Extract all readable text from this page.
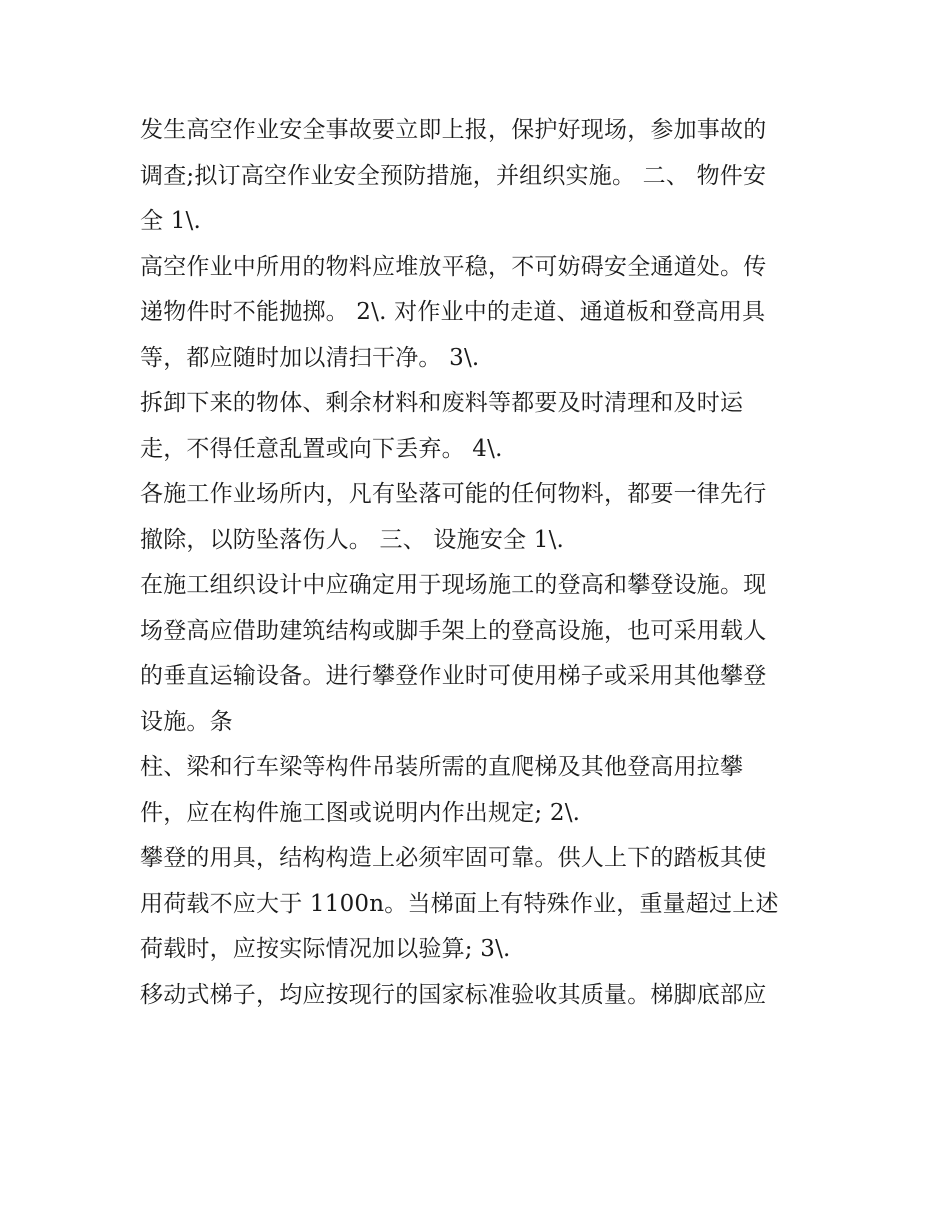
发生高空作业安全事故要立即上报，保护好现场，参加事故的
调查;拟订高空作业安全预防措施，并组织实施。 二、 物件安
全 1\.
高空作业中所用的物料应堆放平稳，不可妨碍安全通道处。传
递物件时不能抛掷。 2\. 对作业中的走道、通道板和登高用具
等，都应随时加以清扫干净。 3\.
拆卸下来的物体、剩余材料和废料等都要及时清理和及时运
走，不得任意乱置或向下丢弃。 4\.
各施工作业场所内，凡有坠落可能的任何物料，都要一律先行
撤除，以防坠落伤人。 三、 设施安全 1\.
在施工组织设计中应确定用于现场施工的登高和攀登设施。现
场登高应借助建筑结构或脚手架上的登高设施，也可采用载人
的垂直运输设备。进行攀登作业时可使用梯子或采用其他攀登
设施。条
柱、梁和行车梁等构件吊装所需的直爬梯及其他登高用拉攀
件，应在构件施工图或说明内作出规定; 2\.
攀登的用具，结构构造上必须牢固可靠。供人上下的踏板其使
用荷载不应大于 1100n。当梯面上有特殊作业，重量超过上述
荷载时，应按实际情况加以验算; 3\.
移动式梯子，均应按现行的国家标准验收其质量。梯脚底部应
